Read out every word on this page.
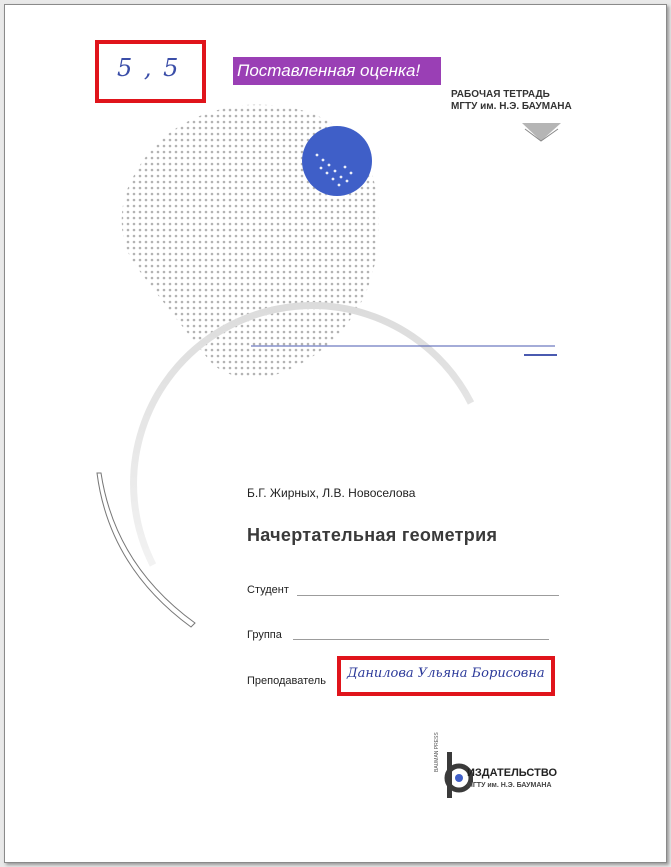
5 , 5	Поставленная оценка!
РАБОЧАЯ ТЕТРАДЬ
МГТУ им. Н.Э. БАУМАНА
Б.Г. Жирных, Л.В. Новоселова
Начертательная геометрия
Студент
Группа
Преподаватель Данилова Ульяна Борисовна
BAUMAN PRESS
ИЗДАТЕЛЬСТВО
МГТУ им. Н.Э. БАУМАНА
